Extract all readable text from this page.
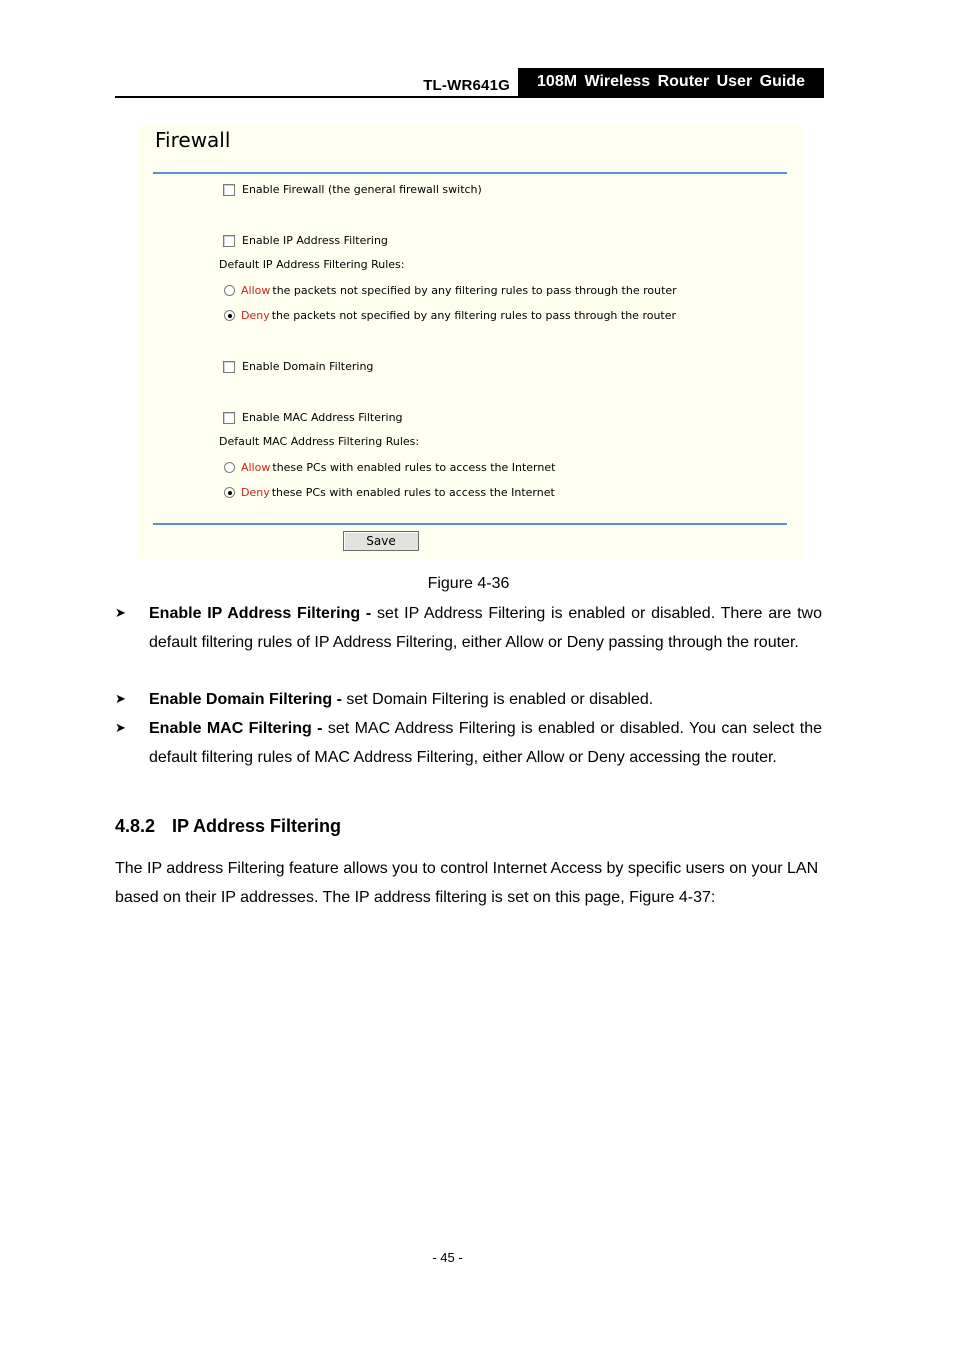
TL-WR641G	108M Wireless Router User Guide
Firewall
Enable Firewall (the general firewall switch)
Enable IP Address Filtering
Default IP Address Filtering Rules:
Allow the packets not specified by any filtering rules to pass through the router
Deny the packets not specified by any filtering rules to pass through the router
Enable Domain Filtering
Enable MAC Address Filtering
Default MAC Address Filtering Rules:
Allow these PCs with enabled rules to access the Internet
Deny these PCs with enabled rules to access the Internet
Save
Figure 4-36
➤ Enable IP Address Filtering - set IP Address Filtering is enabled or disabled. There are two default filtering rules of IP Address Filtering, either Allow or Deny passing through the router.
➤ Enable Domain Filtering - set Domain Filtering is enabled or disabled.
➤ Enable MAC Filtering - set MAC Address Filtering is enabled or disabled. You can select the default filtering rules of MAC Address Filtering, either Allow or Deny accessing the router.
4.8.2 IP Address Filtering
The IP address Filtering feature allows you to control Internet Access by specific users on your LAN based on their IP addresses. The IP address filtering is set on this page, Figure 4-37:
- 45 -
